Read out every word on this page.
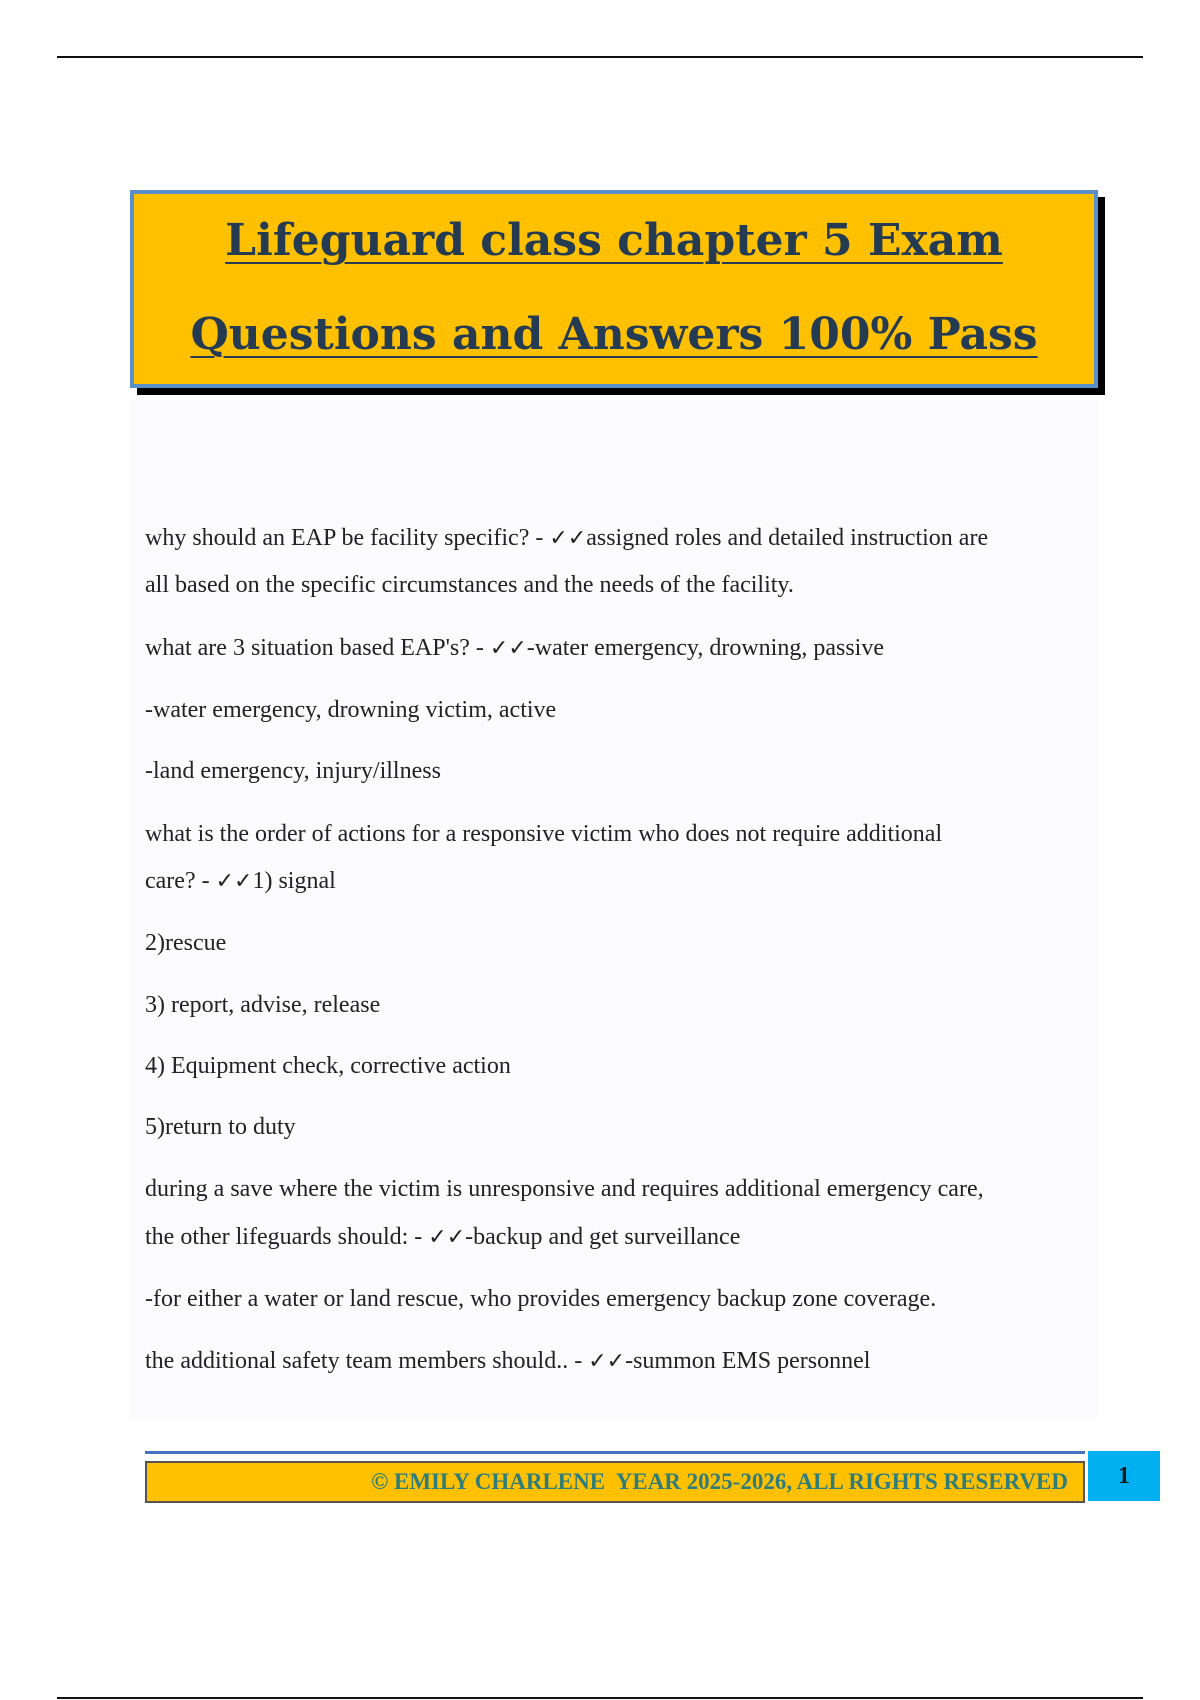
Lifeguard class chapter 5 Exam
Questions and Answers 100% Pass
why should an EAP be facility specific? - ✓✓assigned roles and detailed instruction are
all based on the specific circumstances and the needs of the facility.
what are 3 situation based EAP's? - ✓✓-water emergency, drowning, passive
-water emergency, drowning victim, active
-land emergency, injury/illness
what is the order of actions for a responsive victim who does not require additional
care? - ✓✓1) signal
2)rescue
3) report, advise, release
4) Equipment check, corrective action
5)return to duty
during a save where the victim is unresponsive and requires additional emergency care,
the other lifeguards should: - ✓✓-backup and get surveillance
-for either a water or land rescue, who provides emergency backup zone coverage.
the additional safety team members should.. - ✓✓-summon EMS personnel
© EMILY CHARLENE  YEAR 2025-2026, ALL RIGHTS RESERVED	1
